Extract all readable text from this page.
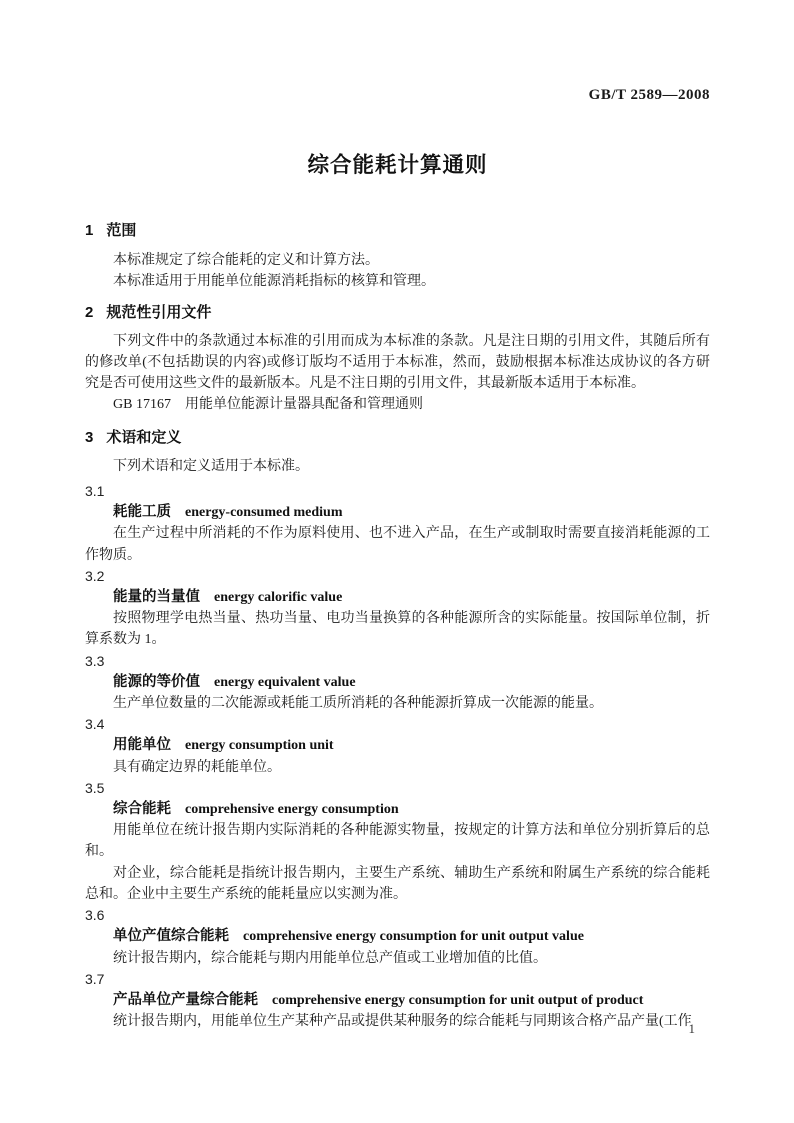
GB/T 2589—2008
综合能耗计算通则
1 范围

本标准规定了综合能耗的定义和计算方法。

本标准适用于用能单位能源消耗指标的核算和管理。

2 规范性引用文件

下列文件中的条款通过本标准的引用而成为本标准的条款。凡是注日期的引用文件，其随后所有的修改单(不包括勘误的内容)或修订版均不适用于本标准，然而，鼓励根据本标准达成协议的各方研究是否可使用这些文件的最新版本。凡是不注日期的引用文件，其最新版本适用于本标准。

GB 17167　用能单位能源计量器具配备和管理通则

3 术语和定义

下列术语和定义适用于本标准。

3.1
耗能工质 energy-consumed medium

在生产过程中所消耗的不作为原料使用、也不进入产品，在生产或制取时需要直接消耗能源的工作物质。

3.2
能量的当量值 energy calorific value

按照物理学电热当量、热功当量、电功当量换算的各种能源所含的实际能量。按国际单位制，折算系数为 1。

3.3
能源的等价值 energy equivalent value

生产单位数量的二次能源或耗能工质所消耗的各种能源折算成一次能源的能量。

3.4
用能单位 energy consumption unit

具有确定边界的耗能单位。

3.5
综合能耗 comprehensive energy consumption

用能单位在统计报告期内实际消耗的各种能源实物量，按规定的计算方法和单位分别折算后的总和。

对企业，综合能耗是指统计报告期内，主要生产系统、辅助生产系统和附属生产系统的综合能耗总和。企业中主要生产系统的能耗量应以实测为准。

3.6
单位产值综合能耗 comprehensive energy consumption for unit output value

统计报告期内，综合能耗与期内用能单位总产值或工业增加值的比值。

3.7
产品单位产量综合能耗 comprehensive energy consumption for unit output of product

统计报告期内，用能单位生产某种产品或提供某种服务的综合能耗与同期该合格产品产量(工作

1
